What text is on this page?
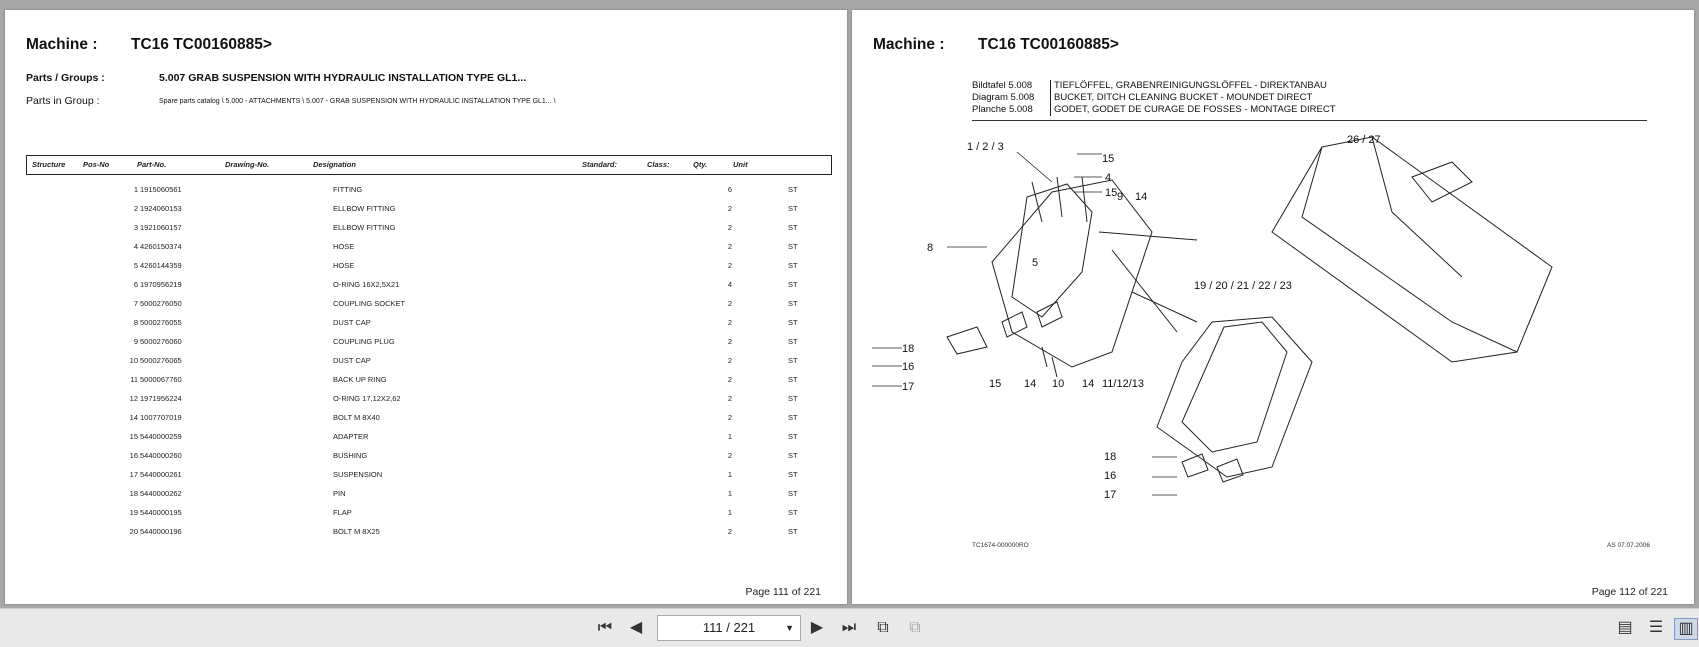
Machine : TC16 TC00160885>
Parts / Groups :	5.007 GRAB SUSPENSION WITH HYDRAULIC INSTALLATION TYPE GL1...
Parts in Group :	Spare parts catalog \ 5.000 - ATTACHMENTS \ 5.007 - GRAB SUSPENSION WITH HYDRAULIC INSTALLATION TYPE GL1... \
Structure Pos-No	Part-No.	Drawing-No.	Designation	Standard:	Class:	Qty.	Unit
1 1915060561	FITTING	6	ST
2 1924060153	ELLBOW FITTING	2	ST
3 1921060157	ELLBOW FITTING	2	ST
4 4260150374	HOSE	2	ST
5 4260144359	HOSE	2	ST
6 1970956219	O-RING 16X2,5X21	4	ST
7 5000276050	COUPLING SOCKET	2	ST
8 5000276055	DUST CAP	2	ST
9 5000276060	COUPLING PLUG	2	ST
10 5000276065	DUST CAP	2	ST
11 5000067760	BACK UP RING	2	ST
12 1971956224	O-RING 17,12X2,62	2	ST
14 1007707019	BOLT M 8X40	2	ST
15 5440000259	ADAPTER	1	ST
16 5440000260	BUSHING	2	ST
17 5440000261	SUSPENSION	1	ST
18 5440000262	PIN	1	ST
19 5440000195	FLAP	1	ST
20 5440000196	BOLT M 8X25	2	ST
Page 111 of 221
Machine : TC16 TC00160885>
Bildtafel 5.008 TIEFLÖFFEL, GRABENREINIGUNGSLÖFFEL - DIREKTANBAU
Diagram 5.008 BUCKET, DITCH CLEANING BUCKET - MOUNDET DIRECT
Planche 5.008 GODET, GODET DE CURAGE DE FOSSES - MONTAGE DIRECT
1 / 2 / 3
15
4
15 9 14
8
5
18
16
17	15 14 10 14 11/12/13
26 / 27
19 / 20 / 21 / 22 / 23
18
16
17
TC1674-000000RO	AS 07.07.2006
Page 112 of 221
⏮	◀	111 / 221	▼	▶	⏭	⧉	⧉	▤ ☰ ▥
